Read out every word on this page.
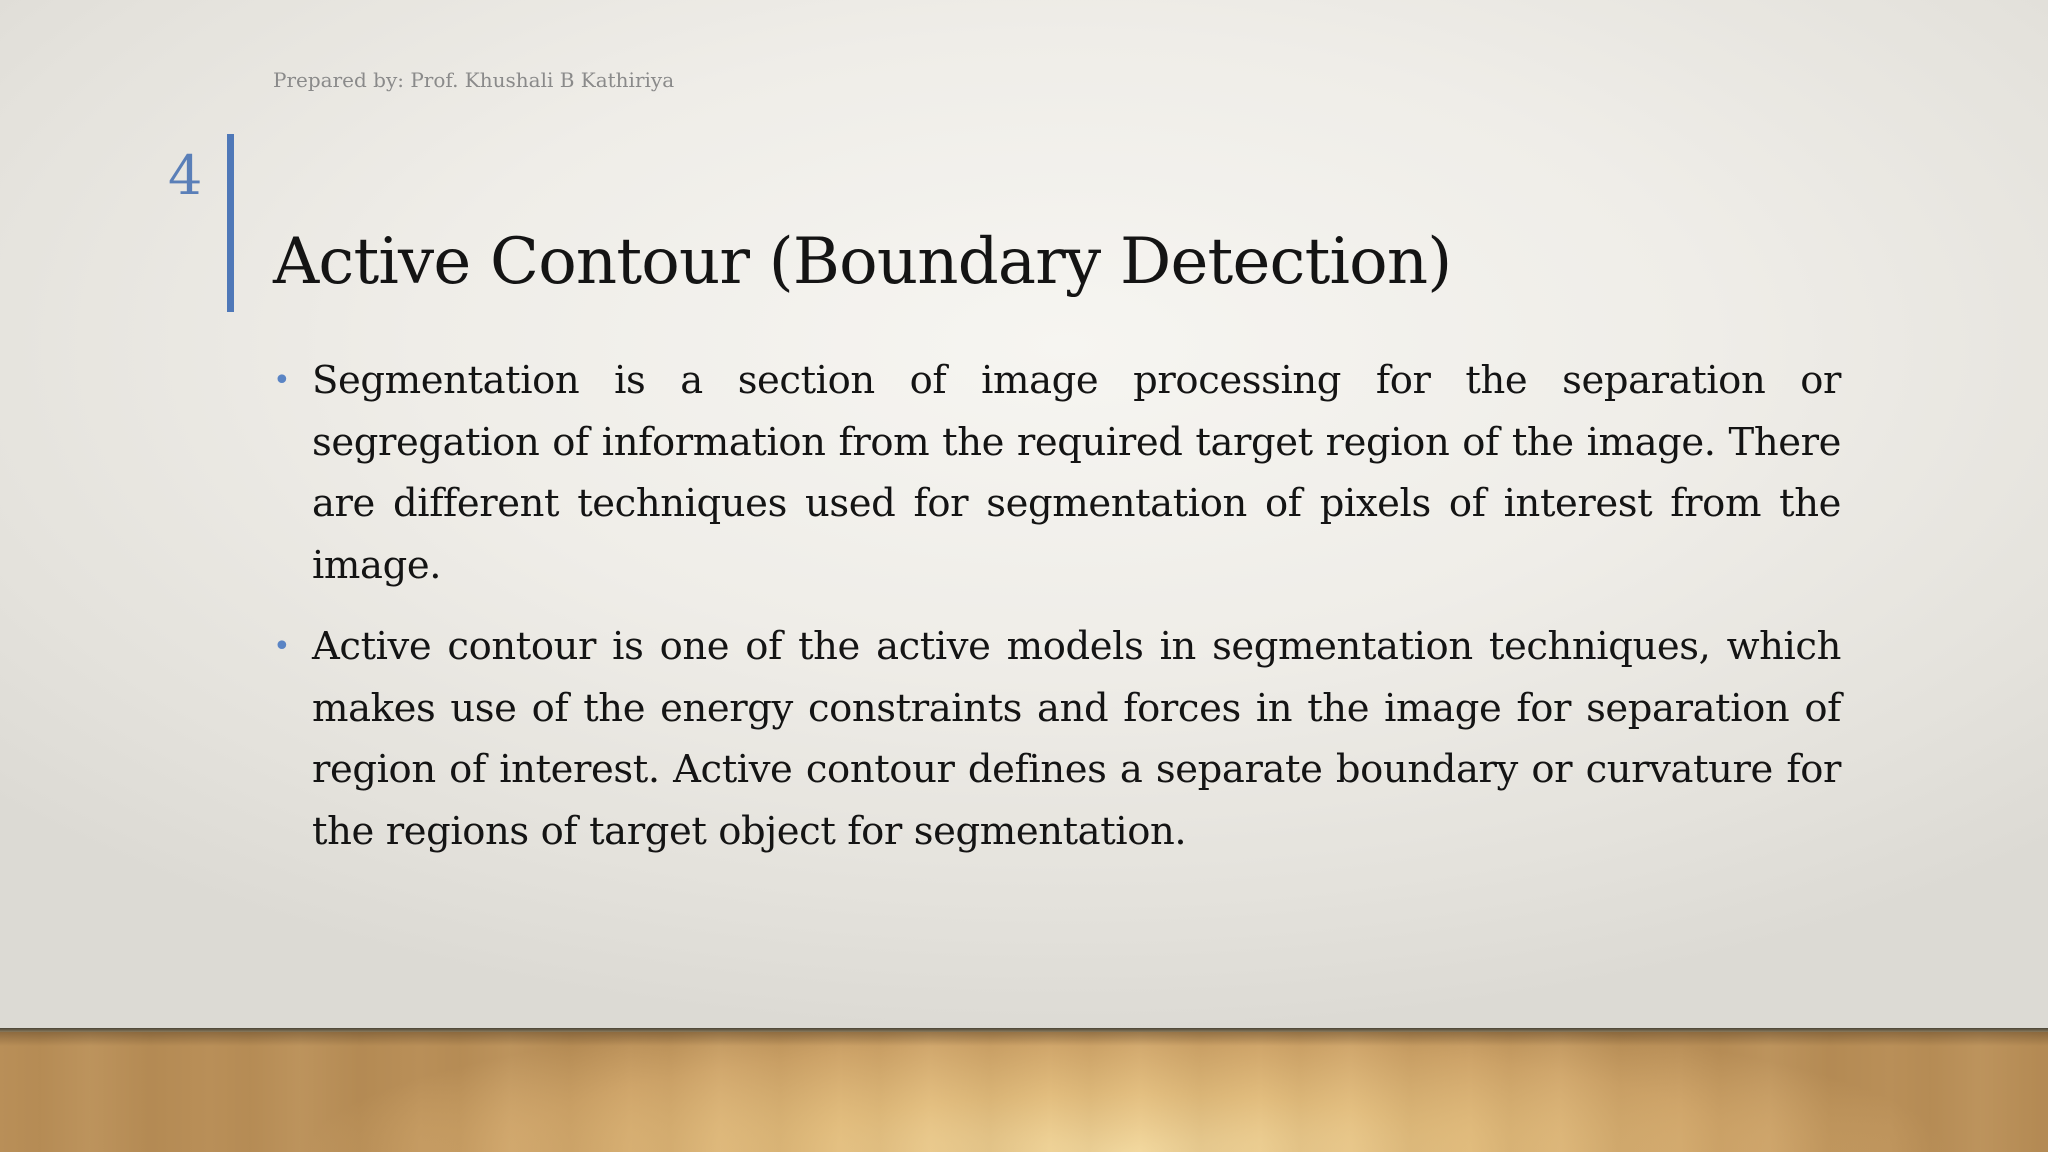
Prepared by: Prof. Khushali B Kathiriya
4
Active Contour (Boundary Detection)
• Segmentation is a section of image processing for the separation or segregation of information from the required target region of the image. There are different techniques used for segmentation of pixels of interest from the image.
• Active contour is one of the active models in segmentation techniques, which makes use of the energy constraints and forces in the image for separation of region of interest. Active contour defines a separate boundary or curvature for the regions of target object for segmentation.
